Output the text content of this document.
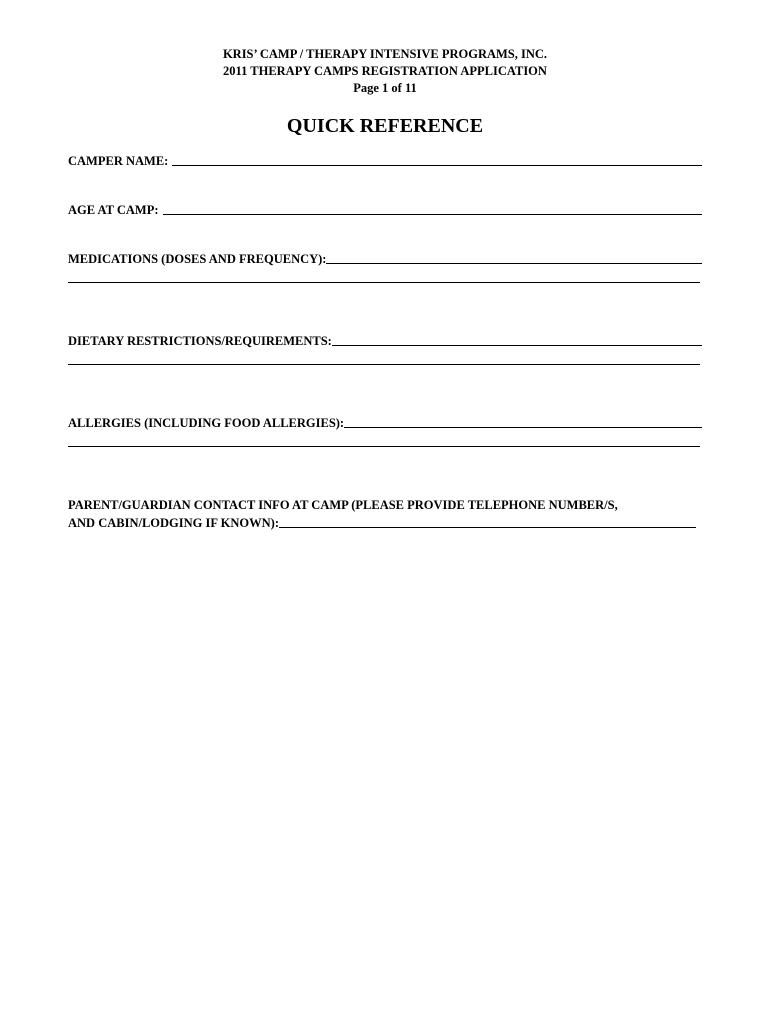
KRIS’ CAMP / THERAPY INTENSIVE PROGRAMS, INC.
2011 THERAPY CAMPS REGISTRATION APPLICATION
Page 1 of 11
QUICK REFERENCE
CAMPER NAME:
AGE AT CAMP:
MEDICATIONS (DOSES AND FREQUENCY):
DIETARY RESTRICTIONS/REQUIREMENTS:
ALLERGIES (INCLUDING FOOD ALLERGIES):
PARENT/GUARDIAN CONTACT INFO AT CAMP (PLEASE PROVIDE TELEPHONE NUMBER/S,
AND CABIN/LODGING IF KNOWN):
